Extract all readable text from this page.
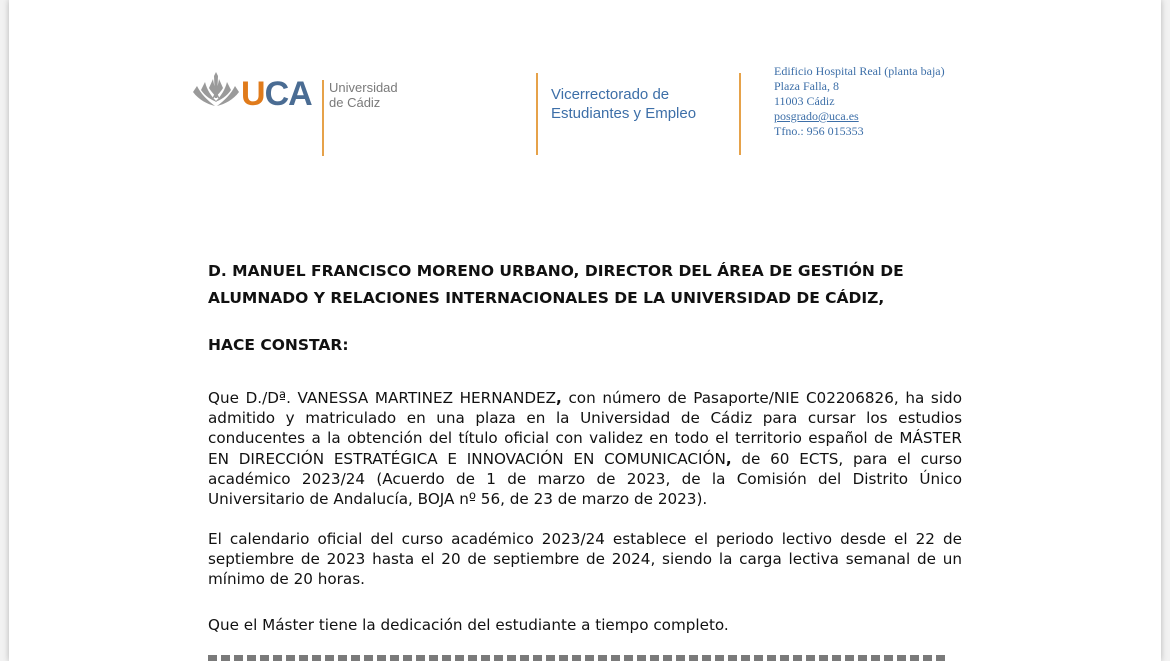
UCA Universidad
de Cádiz	Vicerrectorado de
Estudiantes y Empleo
Edificio Hospital Real (planta baja)
Plaza Falla, 8
11003 Cádiz
posgrado@uca.es
Tfno.: 956 015353
D. MANUEL FRANCISCO MORENO URBANO, DIRECTOR DEL ÁREA DE GESTIÓN DE ALUMNADO Y RELACIONES INTERNACIONALES DE LA UNIVERSIDAD DE CÁDIZ,
HACE CONSTAR:
Que D./Dª. VANESSA MARTINEZ HERNANDEZ, con número de Pasaporte/NIE C02206826, ha sido admitido y matriculado en una plaza en la Universidad de Cádiz para cursar los estudios conducentes a la obtención del título oficial con validez en todo el territorio español de MÁSTER EN DIRECCIÓN ESTRATÉGICA E INNOVACIÓN EN COMUNICACIÓN, de 60 ECTS, para el curso académico 2023/24 (Acuerdo de 1 de marzo de 2023, de la Comisión del Distrito Único Universitario de Andalucía, BOJA nº 56, de 23 de marzo de 2023).
El calendario oficial del curso académico 2023/24 establece el periodo lectivo desde el 22 de septiembre de 2023 hasta el 20 de septiembre de 2024, siendo la carga lectiva semanal de un mínimo de 20 horas.
Que el Máster tiene la dedicación del estudiante a tiempo completo.
